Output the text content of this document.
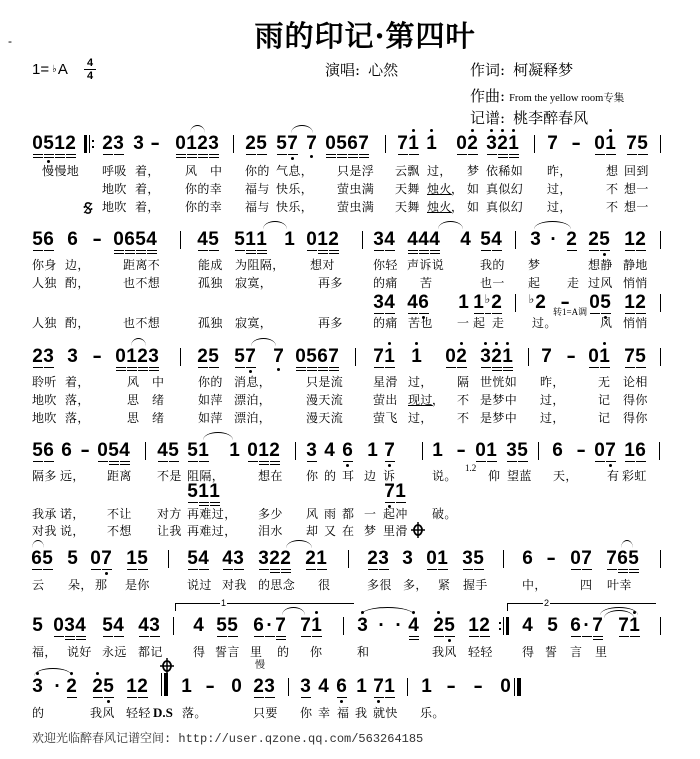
-	雨的印记·第四叶
$1= ^♭A \frac{4}{4}$	演唱: 心然	作词: 柯凝释梦
作曲: From the yellow room专集
记谱: 桃李醉春风
0 5 1 2 2 3 3 - 0 1 2 3 2 5 5 7 7 0 5 6 7 7 1 1 0 2 3 2 1 7 - 0 1 7 5
5 6 6 - 0 6 5 4 4 5 5 1 1 1 0 1 2 3 4 4 4 4 4 5 4 3 · 2 2 5 1 2
3 4 4 6 1 1 ♭ 2 ♭ 2 - 0 5 1 2
2 3 3 - 0 1 2 3 2 5 5 7 7 0 5 6 7 7 1 1 0 2 3 2 1 7 - 0 1 7 5
5 6 6 - 0 5 4 4 5 5 1 1 0 1 2 3 4 6 1 7 1 - 0 1 3 5 6 - 0 7 1 6
5 1 1	7 1
6 5 5 0 7 1 5 5 4 4 3 3 2 2 2 1 2 3 3 0 1 3 5 6 - 0 7 7 6 5
5 0 3 4 5 4 4 3 4 5 5 6 · 7 7 1 3 · · 4 2 5 1 2 4 5 6 · 7 7 1
3 · 2 2 5 1 2 1 - 0 2 3 3 4 6 1 7 1 1 - - 0
1	2
慢慢地 呼吸 着， 风 中 你的 气息， 只是浮 云飘 过， 梦 依稀如 昨，	想 回到
地吹 着， 你的幸 福与 快乐， 萤虫满 天舞 烛火 ， 如 真似幻 过，	不 想一
地吹 着， 你的幸 福与 快乐， 萤虫满 天舞 烛火 ， 如 真似幻 过，	不 想一
你身 边，	距离不	能成 为阻隔， 想对	你轻 声诉说	我的 梦	想静 静地
人独 酌，	也不想	孤独 寂寞，	再多	的痛 苦	也一 起 走 过风 悄悄
人独 酌，	也不想	孤独 寂寞，	再多	的痛 苦也 一 起 走 过。	风 悄悄
聆听 着，	风 中	你的 消息，	只是流 星滑 过， 隔 世恍如 昨，	无 论相
地吹 落，	思 绪	如萍 漂泊，	漫天流 萤出 现过 ， 不 是梦中 过，	记 得你
地吹 落，	思 绪	如萍 漂泊，	漫天流 萤飞 过， 不 是梦中 过，	记 得你
隔多 远， 距离 不是 阻隔，	想在 你 的 耳 边 诉	说。	仰 望蓝 天， 有 彩虹
我承 诺， 不让 对方 再难过， 多少 风 雨 都 一 起冲 破。
对我 说， 不想 让我 再难过， 泪水 却 又 在 梦 里滑
云 朵， 那 是你	说过 对我 的思念 很	多很 多， 紧 握手	中，	四 叶幸
福， 说好 永远 都记	得 誓言 里 的 你	和	我风 轻轻 得 誓 言 里
的	我风 轻轻 D.S 落。	只要 你 幸 福 我 就快 乐。
转1=A调
1.2
慢
欢迎光临醉春风记谱空间: http://user.qzone.qq.com/563264185
